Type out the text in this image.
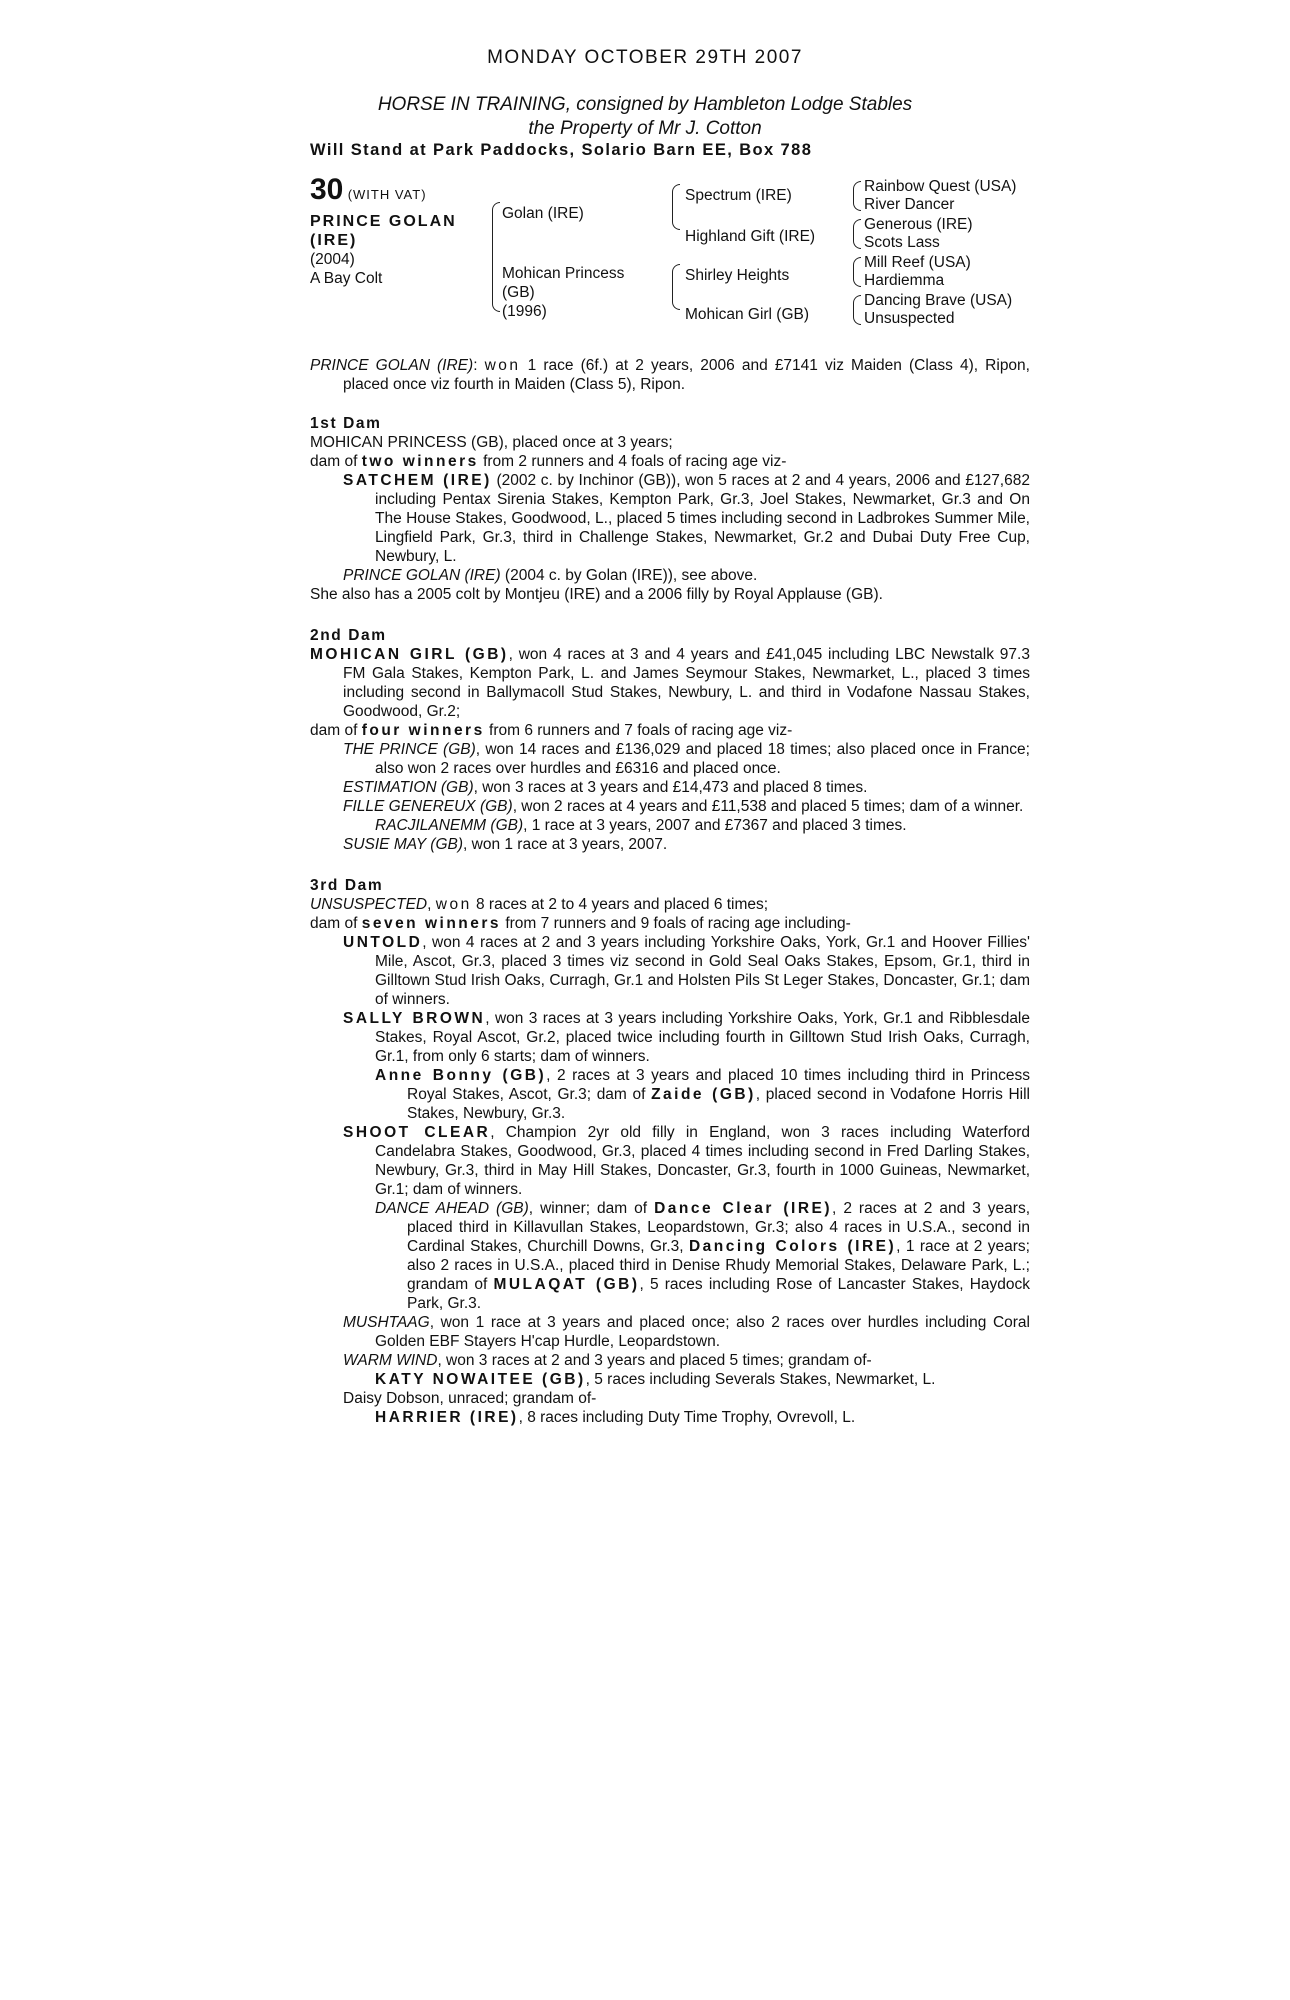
MONDAY OCTOBER 29TH 2007
HORSE IN TRAINING, consigned by Hambleton Lodge Stables
the Property of Mr J. Cotton
Will Stand at Park Paddocks, Solario Barn EE, Box 788
30 (WITH VAT)
PRINCE GOLAN
(IRE)
(2004)
A Bay Colt
Golan (IRE)
Mohican Princess
(GB)
(1996)
Spectrum (IRE)
Highland Gift (IRE)
Shirley Heights
Mohican Girl (GB)
Rainbow Quest (USA)
River Dancer
Generous (IRE)
Scots Lass
Mill Reef (USA)
Hardiemma
Dancing Brave (USA)
Unsuspected
PRINCE GOLAN (IRE): won 1 race (6f.) at 2 years, 2006 and £7141 viz Maiden (Class 4), Ripon, placed once viz fourth in Maiden (Class 5), Ripon.
1st Dam
MOHICAN PRINCESS (GB), placed once at 3 years;
dam of two winners from 2 runners and 4 foals of racing age viz-
SATCHEM (IRE) (2002 c. by Inchinor (GB)), won 5 races at 2 and 4 years, 2006 and £127,682 including Pentax Sirenia Stakes, Kempton Park, Gr.3, Joel Stakes, Newmarket, Gr.3 and On The House Stakes, Goodwood, L., placed 5 times including second in Ladbrokes Summer Mile, Lingfield Park, Gr.3, third in Challenge Stakes, Newmarket, Gr.2 and Dubai Duty Free Cup, Newbury, L.
PRINCE GOLAN (IRE) (2004 c. by Golan (IRE)), see above.
She also has a 2005 colt by Montjeu (IRE) and a 2006 filly by Royal Applause (GB).
2nd Dam
MOHICAN GIRL (GB), won 4 races at 3 and 4 years and £41,045 including LBC Newstalk 97.3 FM Gala Stakes, Kempton Park, L. and James Seymour Stakes, Newmarket, L., placed 3 times including second in Ballymacoll Stud Stakes, Newbury, L. and third in Vodafone Nassau Stakes, Goodwood, Gr.2;
dam of four winners from 6 runners and 7 foals of racing age viz-
THE PRINCE (GB), won 14 races and £136,029 and placed 18 times; also placed once in France; also won 2 races over hurdles and £6316 and placed once.
ESTIMATION (GB), won 3 races at 3 years and £14,473 and placed 8 times.
FILLE GENEREUX (GB), won 2 races at 4 years and £11,538 and placed 5 times; dam of a winner.
RACJILANEMM (GB), 1 race at 3 years, 2007 and £7367 and placed 3 times.
SUSIE MAY (GB), won 1 race at 3 years, 2007.
3rd Dam
UNSUSPECTED, won 8 races at 2 to 4 years and placed 6 times;
dam of seven winners from 7 runners and 9 foals of racing age including-
UNTOLD, won 4 races at 2 and 3 years including Yorkshire Oaks, York, Gr.1 and Hoover Fillies' Mile, Ascot, Gr.3, placed 3 times viz second in Gold Seal Oaks Stakes, Epsom, Gr.1, third in Gilltown Stud Irish Oaks, Curragh, Gr.1 and Holsten Pils St Leger Stakes, Doncaster, Gr.1; dam of winners.
SALLY BROWN, won 3 races at 3 years including Yorkshire Oaks, York, Gr.1 and Ribblesdale Stakes, Royal Ascot, Gr.2, placed twice including fourth in Gilltown Stud Irish Oaks, Curragh, Gr.1, from only 6 starts; dam of winners.
Anne Bonny (GB), 2 races at 3 years and placed 10 times including third in Princess Royal Stakes, Ascot, Gr.3; dam of Zaide (GB), placed second in Vodafone Horris Hill Stakes, Newbury, Gr.3.
SHOOT CLEAR, Champion 2yr old filly in England, won 3 races including Waterford Candelabra Stakes, Goodwood, Gr.3, placed 4 times including second in Fred Darling Stakes, Newbury, Gr.3, third in May Hill Stakes, Doncaster, Gr.3, fourth in 1000 Guineas, Newmarket, Gr.1; dam of winners.
DANCE AHEAD (GB), winner; dam of Dance Clear (IRE), 2 races at 2 and 3 years, placed third in Killavullan Stakes, Leopardstown, Gr.3; also 4 races in U.S.A., second in Cardinal Stakes, Churchill Downs, Gr.3, Dancing Colors (IRE), 1 race at 2 years; also 2 races in U.S.A., placed third in Denise Rhudy Memorial Stakes, Delaware Park, L.; grandam of MULAQAT (GB), 5 races including Rose of Lancaster Stakes, Haydock Park, Gr.3.
MUSHTAAG, won 1 race at 3 years and placed once; also 2 races over hurdles including Coral Golden EBF Stayers H'cap Hurdle, Leopardstown.
WARM WIND, won 3 races at 2 and 3 years and placed 5 times; grandam of-
KATY NOWAITEE (GB), 5 races including Severals Stakes, Newmarket, L.
Daisy Dobson, unraced; grandam of-
HARRIER (IRE), 8 races including Duty Time Trophy, Ovrevoll, L.
